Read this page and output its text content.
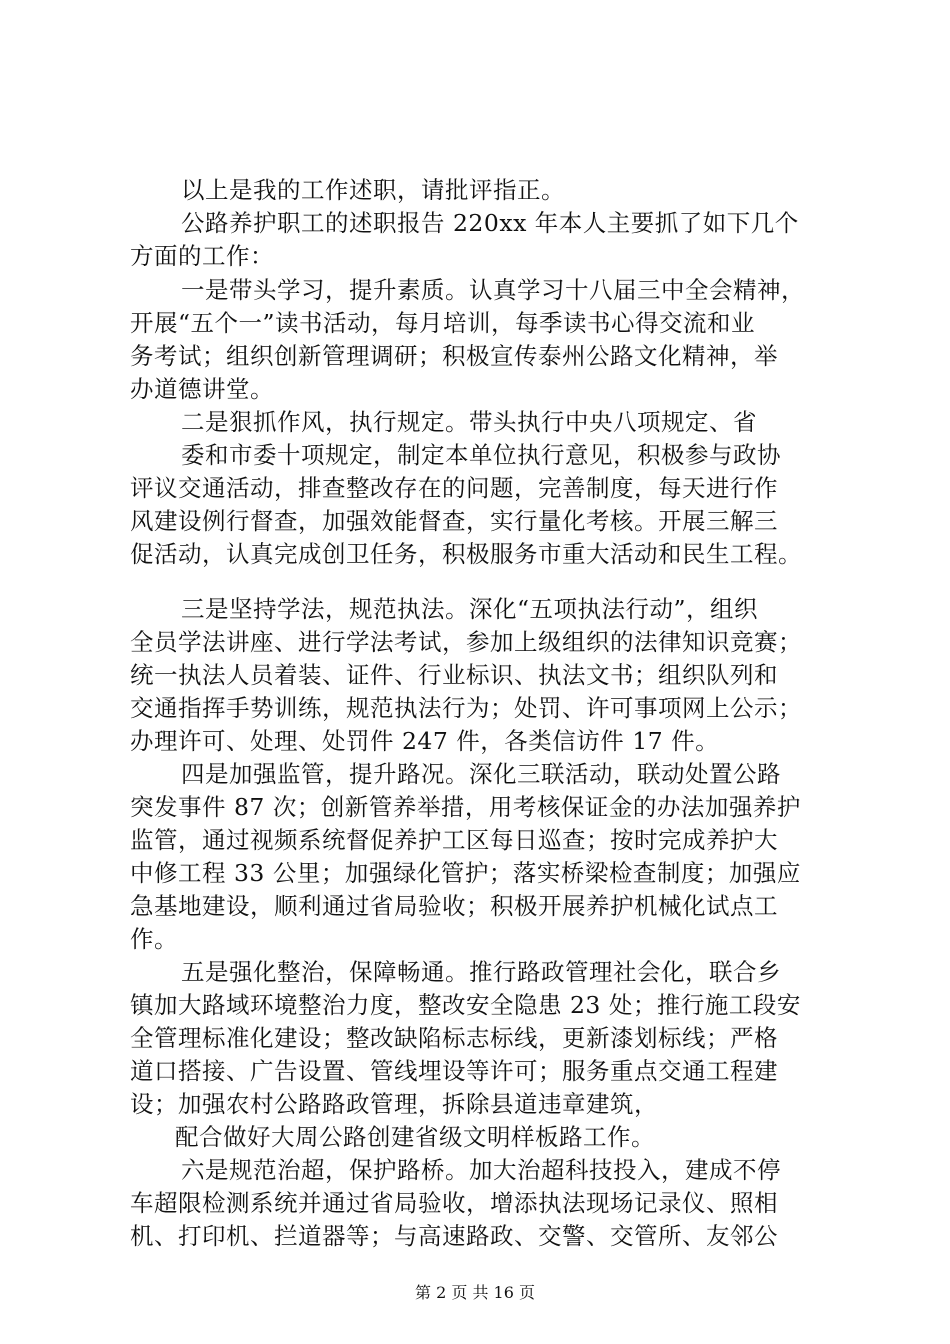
以上是我的工作述职，请批评指正。
公路养护职工的述职报告 220xx 年本人主要抓了如下几个
方面的工作：
一是带头学习，提升素质。认真学习十八届三中全会精神，
开展“五个一”读书活动，每月培训，每季读书心得交流和业
务考试；组织创新管理调研；积极宣传泰州公路文化精神，举
办道德讲堂。
二是狠抓作风，执行规定。带头执行中央八项规定、省
委和市委十项规定，制定本单位执行意见，积极参与政协
评议交通活动，排查整改存在的问题，完善制度，每天进行作
风建设例行督查，加强效能督查，实行量化考核。开展三解三
促活动，认真完成创卫任务，积极服务市重大活动和民生工程。
三是坚持学法，规范执法。深化“五项执法行动”，组织
全员学法讲座、进行学法考试，参加上级组织的法律知识竞赛；
统一执法人员着装、证件、行业标识、执法文书；组织队列和
交通指挥手势训练，规范执法行为；处罚、许可事项网上公示；
办理许可、处理、处罚件 247 件，各类信访件 17 件。
四是加强监管，提升路况。深化三联活动，联动处置公路
突发事件 87 次；创新管养举措，用考核保证金的办法加强养护
监管，通过视频系统督促养护工区每日巡查；按时完成养护大
中修工程 33 公里；加强绿化管护；落实桥梁检查制度；加强应
急基地建设，顺利通过省局验收；积极开展养护机械化试点工
作。
五是强化整治，保障畅通。推行路政管理社会化，联合乡
镇加大路域环境整治力度，整改安全隐患 23 处；推行施工段安
全管理标准化建设；整改缺陷标志标线，更新漆划标线；严格
道口搭接、广告设置、管线埋设等许可；服务重点交通工程建
设；加强农村公路路政管理，拆除县道违章建筑，
配合做好大周公路创建省级文明样板路工作。
六是规范治超，保护路桥。加大治超科技投入，建成不停
车超限检测系统并通过省局验收，增添执法现场记录仪、照相
机、打印机、拦道器等；与高速路政、交警、交管所、友邻公
第 2 页 共 16 页
